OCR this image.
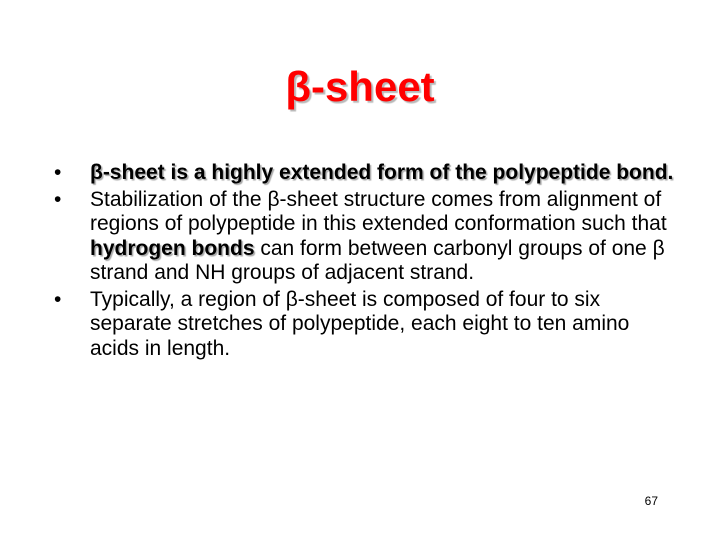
β-sheet
•	β-sheet is a highly extended form of the polypeptide bond.
•	Stabilization of the β-sheet structure comes from alignment of regions of polypeptide in this extended conformation such that hydrogen bonds can form between carbonyl groups of one β strand and NH groups of adjacent strand.
•	Typically, a region of β-sheet is composed of four to six separate stretches of polypeptide, each eight to ten amino acids in length.
67
